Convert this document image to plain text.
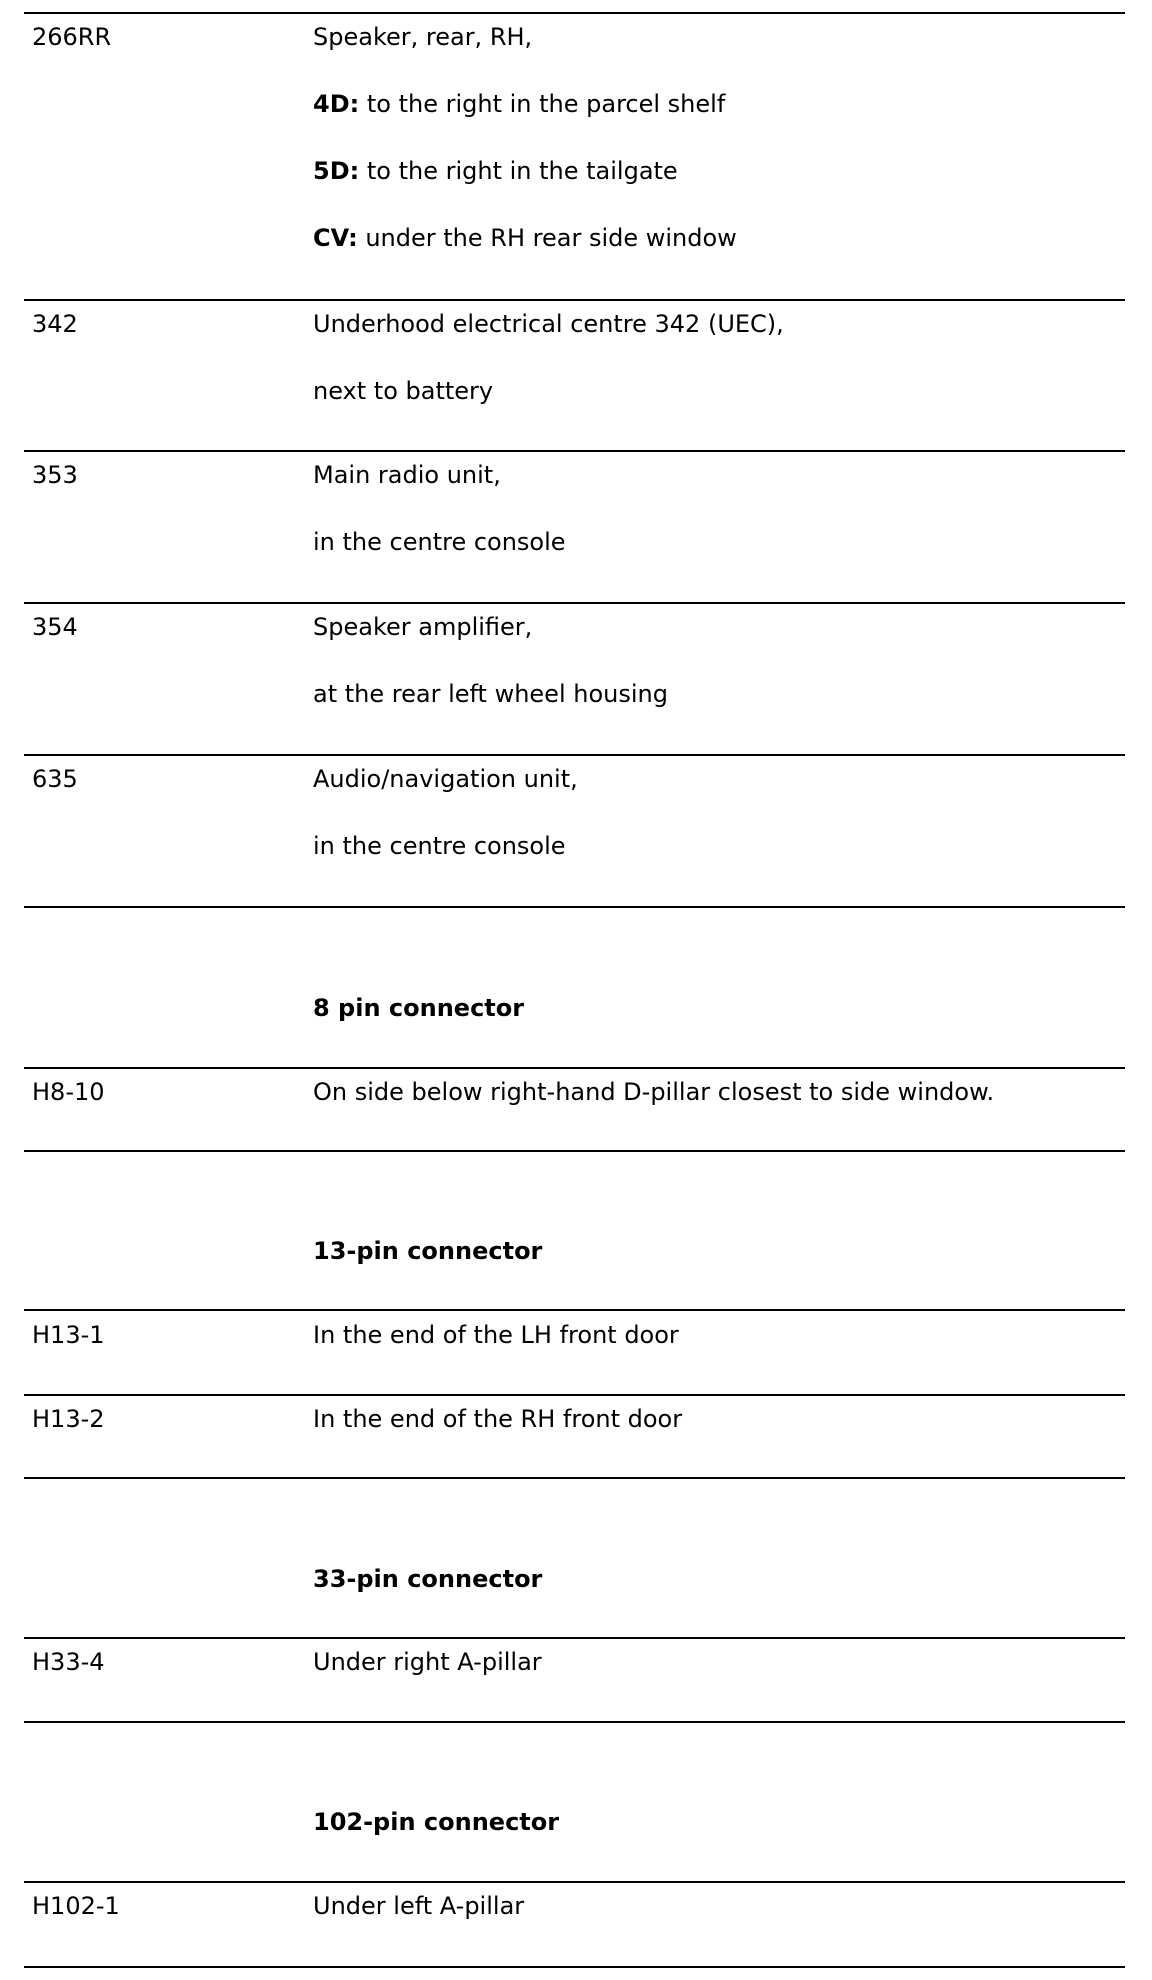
266RR	Speaker, rear, RH,
4D: to the right in the parcel shelf
5D: to the right in the tailgate
CV: under the RH rear side window
342	Underhood electrical centre 342 (UEC),
next to battery
353	Main radio unit,
in the centre console
354	Speaker amplifier,
at the rear left wheel housing
635	Audio/navigation unit,
in the centre console
8 pin connector
H8-10	On side below right-hand D-pillar closest to side window.
13-pin connector
H13-1	In the end of the LH front door
H13-2	In the end of the RH front door
33-pin connector
H33-4	Under right A-pillar
102-pin connector
H102-1	Under left A-pillar
